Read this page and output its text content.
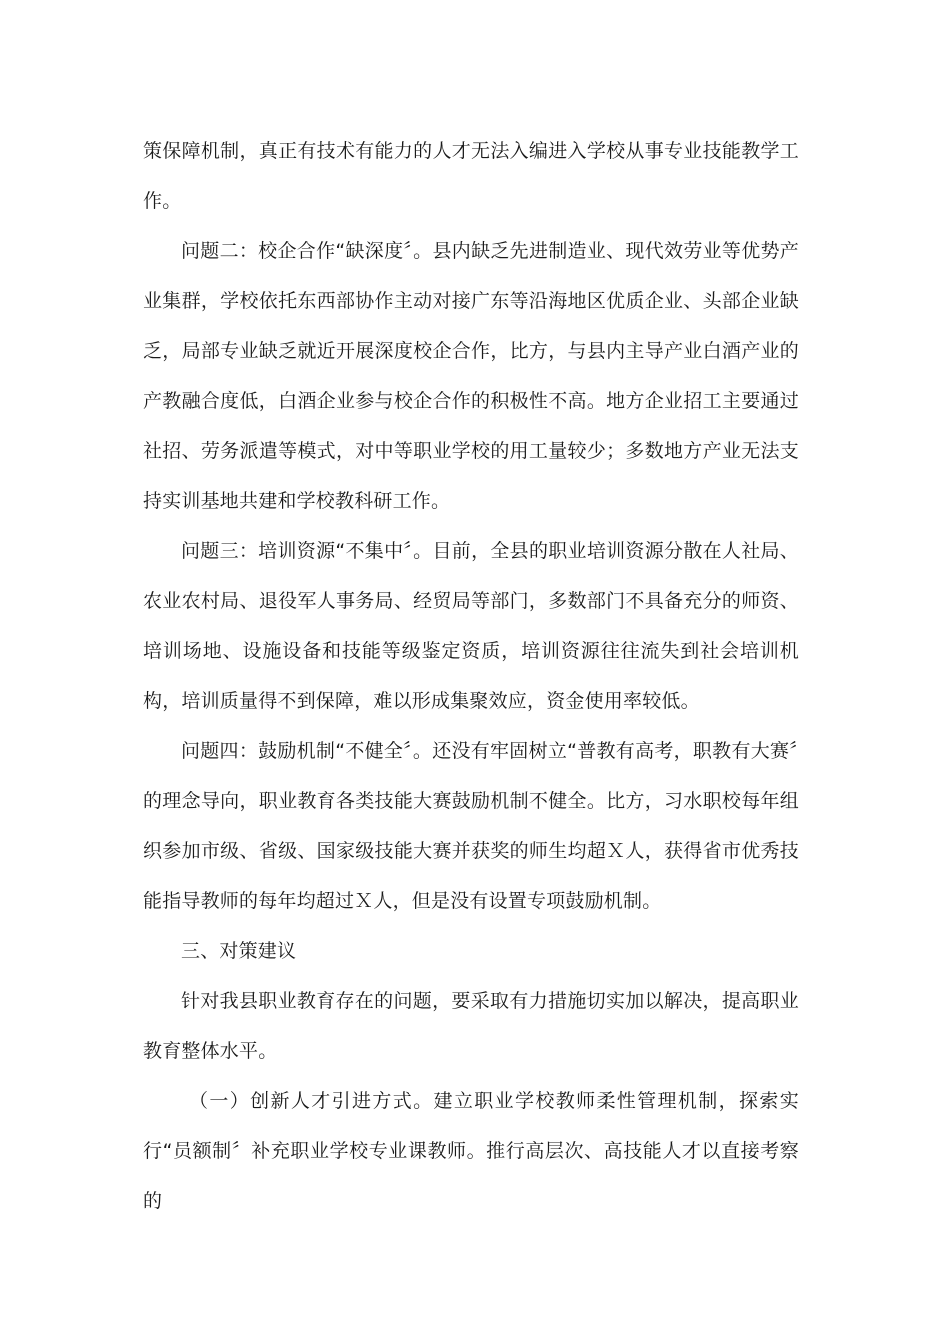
策保障机制，真正有技术有能力的人才无法入编进入学校从事专业技能教学工作。

问题二：校企合作“缺深度〞。县内缺乏先进制造业、现代效劳业等优势产业集群，学校依托东西部协作主动对接广东等沿海地区优质企业、头部企业缺乏，局部专业缺乏就近开展深度校企合作，比方，与县内主导产业白酒产业的产教融合度低，白酒企业参与校企合作的积极性不高。地方企业招工主要通过社招、劳务派遣等模式，对中等职业学校的用工量较少；多数地方产业无法支持实训基地共建和学校教科研工作。

问题三：培训资源“不集中〞。目前，全县的职业培训资源分散在人社局、农业农村局、退役军人事务局、经贸局等部门，多数部门不具备充分的师资、培训场地、设施设备和技能等级鉴定资质，培训资源往往流失到社会培训机构，培训质量得不到保障，难以形成集聚效应，资金使用率较低。

问题四：鼓励机制“不健全〞。还没有牢固树立“普教有高考，职教有大赛〞的理念导向，职业教育各类技能大赛鼓励机制不健全。比方，习水职校每年组织参加市级、省级、国家级技能大赛并获奖的师生均超Ｘ人，获得省市优秀技能指导教师的每年均超过Ｘ人，但是没有设置专项鼓励机制。

三、对策建议

针对我县职业教育存在的问题，要采取有力措施切实加以解决，提高职业教育整体水平。

（一）创新人才引进方式。建立职业学校教师柔性管理机制，探索实行“员额制〞补充职业学校专业课教师。推行高层次、高技能人才以直接考察的
